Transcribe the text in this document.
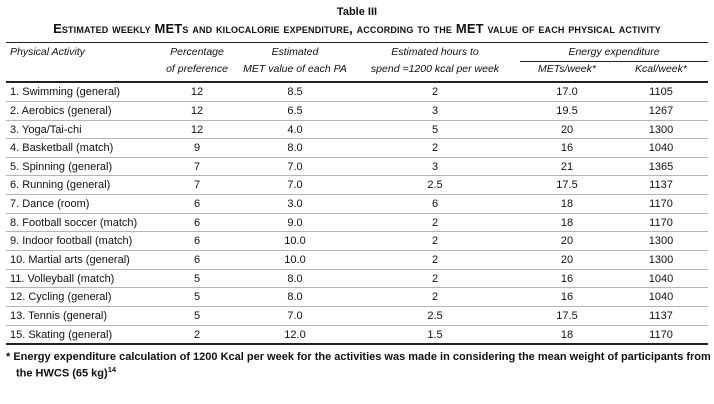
Table III
Estimated weekly METs and kilocalorie expenditure, according to the MET value of each physical activity
Physical Activity	Percentage	Estimated	Estimated hours to	Energy expenditure	
	of preference	MET value of each PA	spend =1200 kcal per week	METs/week*	Kcal/week*
1. Swimming (general)	12	8.5	2	17.0	1105
2. Aerobics (general)	12	6.5	3	19.5	1267
3. Yoga/Tai-chi	12	4.0	5	20	1300
4. Basketball (match)	9	8.0	2	16	1040
5. Spinning (general)	7	7.0	3	21	1365
6. Running (general)	7	7.0	2.5	17.5	1137
7. Dance (room)	6	3.0	6	18	1170
8. Football soccer (match)	6	9.0	2	18	1170
9. Indoor football (match)	6	10.0	2	20	1300
10. Martial arts (general)	6	10.0	2	20	1300
11. Volleyball (match)	5	8.0	2	16	1040
12. Cycling (general)	5	8.0	2	16	1040
13. Tennis (general)	5	7.0	2.5	17.5	1137
15. Skating (general)	2	12.0	1.5	18	1170
* Energy expenditure calculation of 1200 Kcal per week for the activities was made in considering the mean weight of participants from the HWCS (65 kg)$^{14}$
